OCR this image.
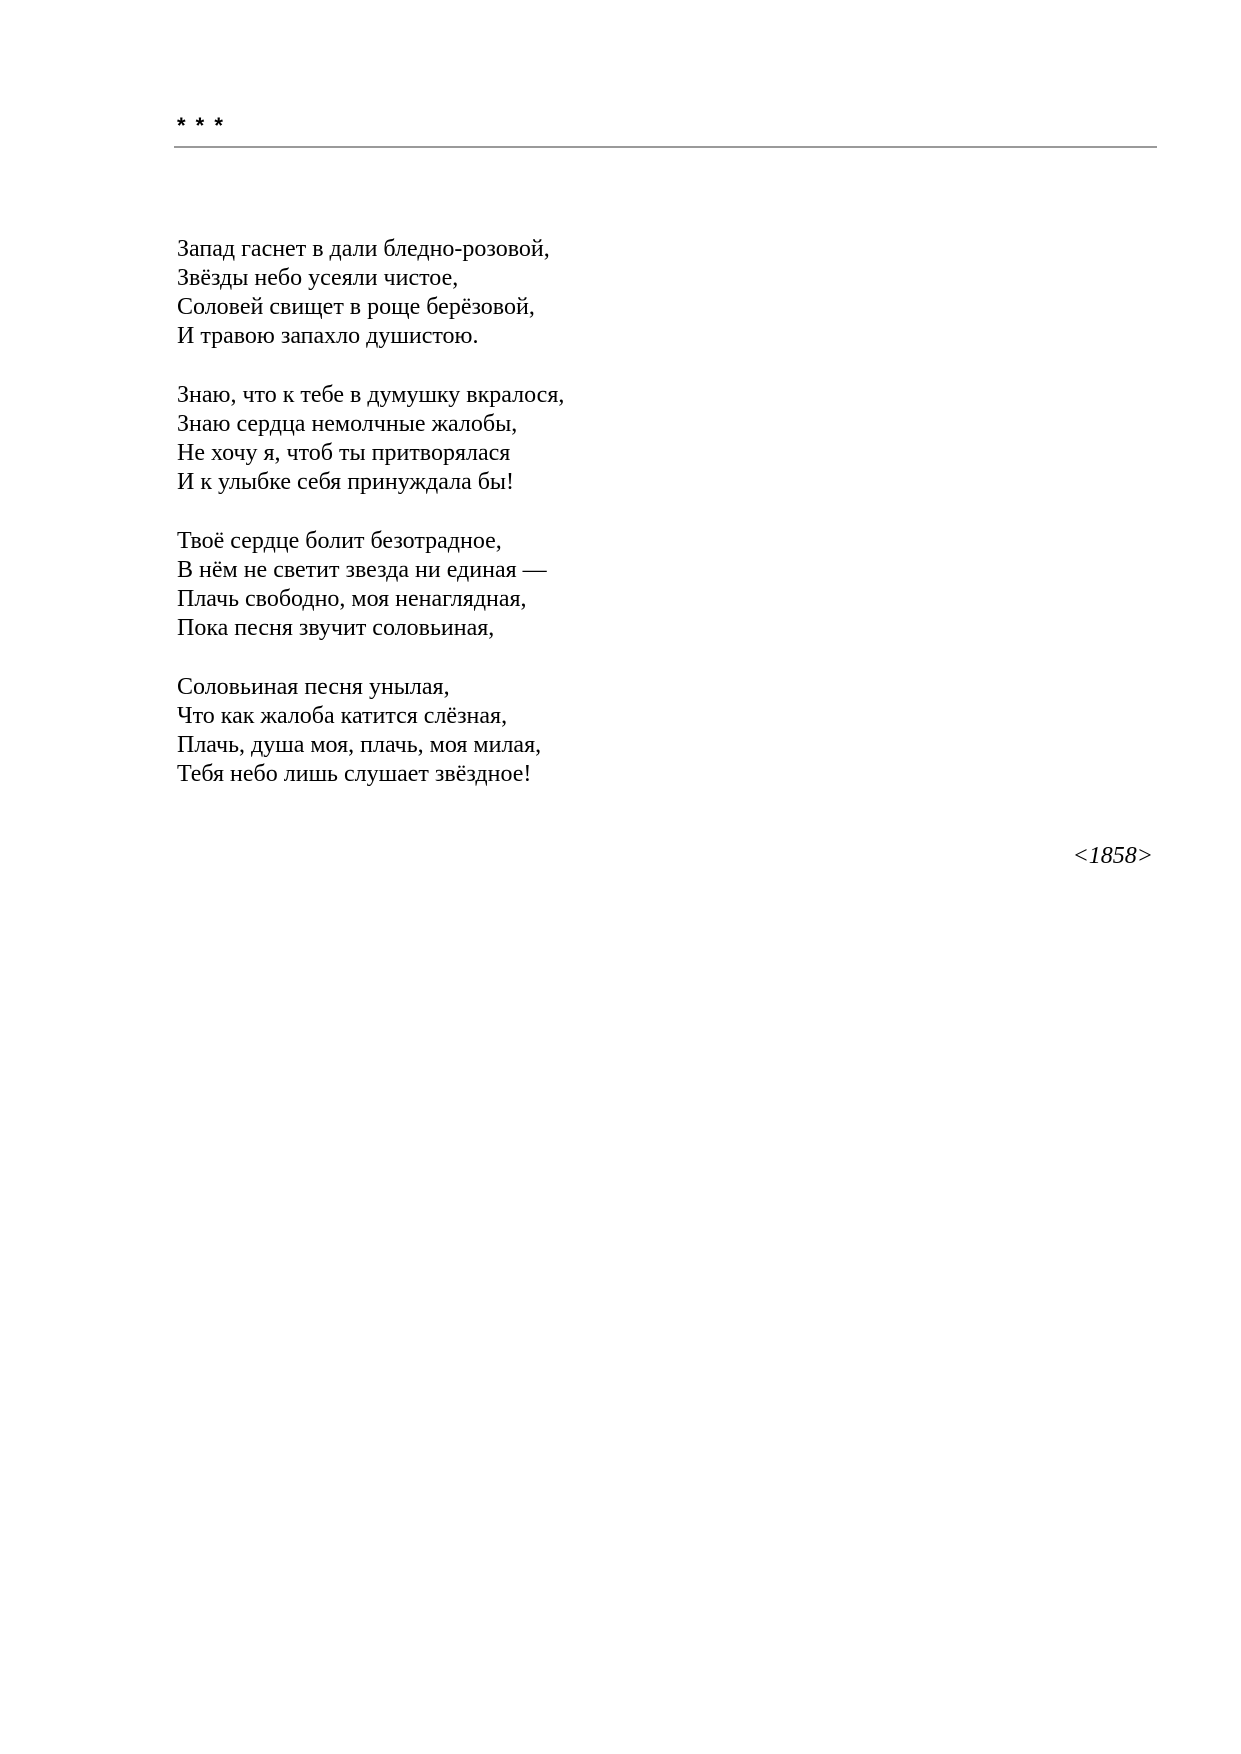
* * *
Запад гаснет в дали бледно-розовой,
Звёзды небо усеяли чистое,
Соловей свищет в роще берёзовой,
И травою запахло душистою.
Знаю, что к тебе в думушку вкралося,
Знаю сердца немолчные жалобы,
Не хочу я, чтоб ты притворялася
И к улыбке себя принуждала бы!
Твоё сердце болит безотрадное,
В нём не светит звезда ни единая —
Плачь свободно, моя ненаглядная,
Пока песня звучит соловьиная,
Соловьиная песня унылая,
Что как жалоба катится слёзная,
Плачь, душа моя, плачь, моя милая,
Тебя небо лишь слушает звёздное!
<1858>
